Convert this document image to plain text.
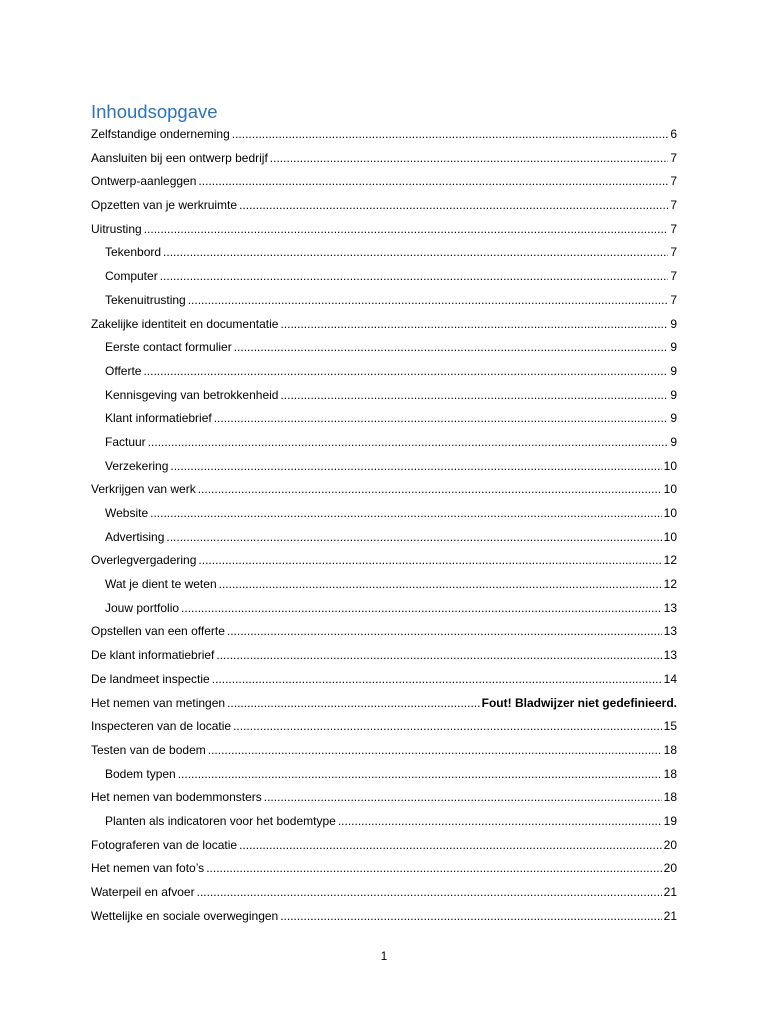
Inhoudsopgave
Zelfstandige onderneming .....	6
Aansluiten bij een ontwerp bedrijf .....	7
Ontwerp-aanleggen .....	7
Opzetten van je werkruimte .....	7
Uitrusting .....	7
Tekenbord .....	7
Computer .....	7
Tekenuitrusting .....	7
Zakelijke identiteit en documentatie .....	9
Eerste contact formulier .....	9
Offerte .....	9
Kennisgeving van betrokkenheid .....	9
Klant informatiebrief .....	9
Factuur .....	9
Verzekering .....	10
Verkrijgen van werk .....	10
Website .....	10
Advertising .....	10
Overlegvergadering .....	12
Wat je dient te weten .....	12
Jouw portfolio .....	13
Opstellen van een offerte .....	13
De klant informatiebrief .....	13
De landmeet inspectie .....	14
Het nemen van metingen .....	Fout! Bladwijzer niet gedefinieerd.
Inspecteren van de locatie .....	15
Testen van de bodem .....	18
Bodem typen .....	18
Het nemen van bodemmonsters .....	18
Planten als indicatoren voor het bodemtype .....	19
Fotograferen van de locatie .....	20
Het nemen van foto’s .....	20
Waterpeil en afvoer .....	21
Wettelijke en sociale overwegingen .....	21
1
